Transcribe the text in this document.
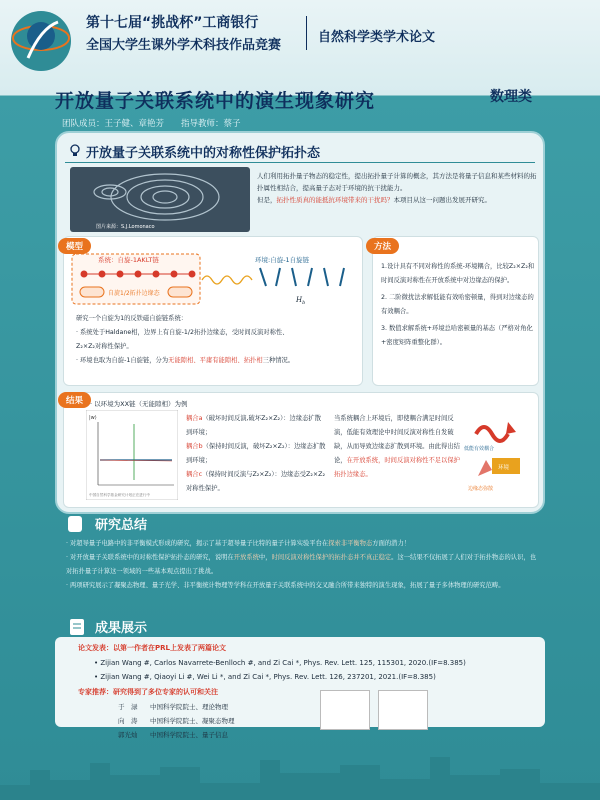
第十七届“挑战杯”工商银行
全国大学生课外学术科技作品竞赛
自然科学类学术论文
开放量子关联系统中的演生现象研究	数理类
团队成员：王子健、章艳芳　　指导教师：蔡子
开放量子关联系统中的对称性保护拓扑态
图片来源：S.J.Lomonaco
人们利用拓扑量子物态的稳定性，提出拓扑量子计算的概念，其方法是将量子信息和某些材料的拓扑属性相结合，提高量子态对于环境的抗干扰能力。
但是，拓扑性质真的能抵抗环境带来的干扰吗？本项目从这一问题出发展开研究。
模型
系统：自旋-1AKLT链
自旋1/2拓扑边缘态
环境:自旋-1自旋链
$H_b$
研究一个自旋为1的反铁磁自旋链系统：
· 系统处于Haldane相，边界上有自旋-1/2拓扑边缘态，受时间反演对称性、
Z₂×Z₂对称性保护。
· 环境也取为自旋-1自旋链，分为无能隙相、平庸有能隙相、拓扑相三种情况。
方法
1.设计具有不同对称性的系统-环境耦合，比较Z₂×Z₂和时间反演对称性在开放系统中对边缘态的保护。
2. 二阶微扰法求解低能有效哈密顿量，得到对边缘态的有效耦合。
3. 数值求解系统+环境总哈密顿量的基态（严格对角化+密度矩阵重整化群）。
结果	· 以环境为XX链（无能隙相）为例
|w⟩
中国自然科学基金研究计划正在进行中
耦合a（破坏时间反演,破坏Z₂×Z₂）：边缘态扩散到环境；
耦合b（保持时间反演，破坏Z₂×Z₂）：边缘态扩散到环境；
耦合c（保持时间反演与Z₂×Z₂）：边缘态受Z₂×Z₂对称性保护。
当系统耦合上环境后，即使耦合满足时间反演，低能有效理论中时间反演对称性自发破缺，从而导致边缘态扩散到环境。由此得出结论，在开放系统，时间反演对称性不足以保护拓扑边缘态。
低能有效耦合
环境
边缘态弥散
研究总结
· 对超导量子电路中的非平衡模式形成的研究，揭示了基于超导量子比特的量子计算实验平台在探索非平衡物态方面的潜力！
· 对开放量子关联系统中的对称性保护拓扑态的研究，说明在开放系统中，时间反演对称性保护的拓扑态并不真正稳定。这一结果不仅拓展了人们对于拓扑物态的认识，也对拓扑量子计算这一领域的一些基本观点提出了挑战。
· 两项研究展示了凝聚态物理、量子光学、非平衡统计物理等学科在开放量子关联系统中的交叉融合所带来独特的演生现象，拓展了量子多体物理的研究范畴。
成果展示
论文发表：以第一作者在PRL上发表了两篇论文
• Zijian Wang #, Carlos Navarrete-Benlloch #, and Zi Cai *, Phys. Rev. Lett. 125, 115301, 2020.(IF=8.385)
• Zijian Wang #, Qiaoyi Li #, Wei Li *, and Zi Cai *, Phys. Rev. Lett. 126, 237201, 2021.(IF=8.385)
专家推荐：研究得到了多位专家的认可和关注
于　渌 中国科学院院士、理论物理
向　涛 中国科学院院士、凝聚态物理
郭光灿 中国科学院院士、量子信息
